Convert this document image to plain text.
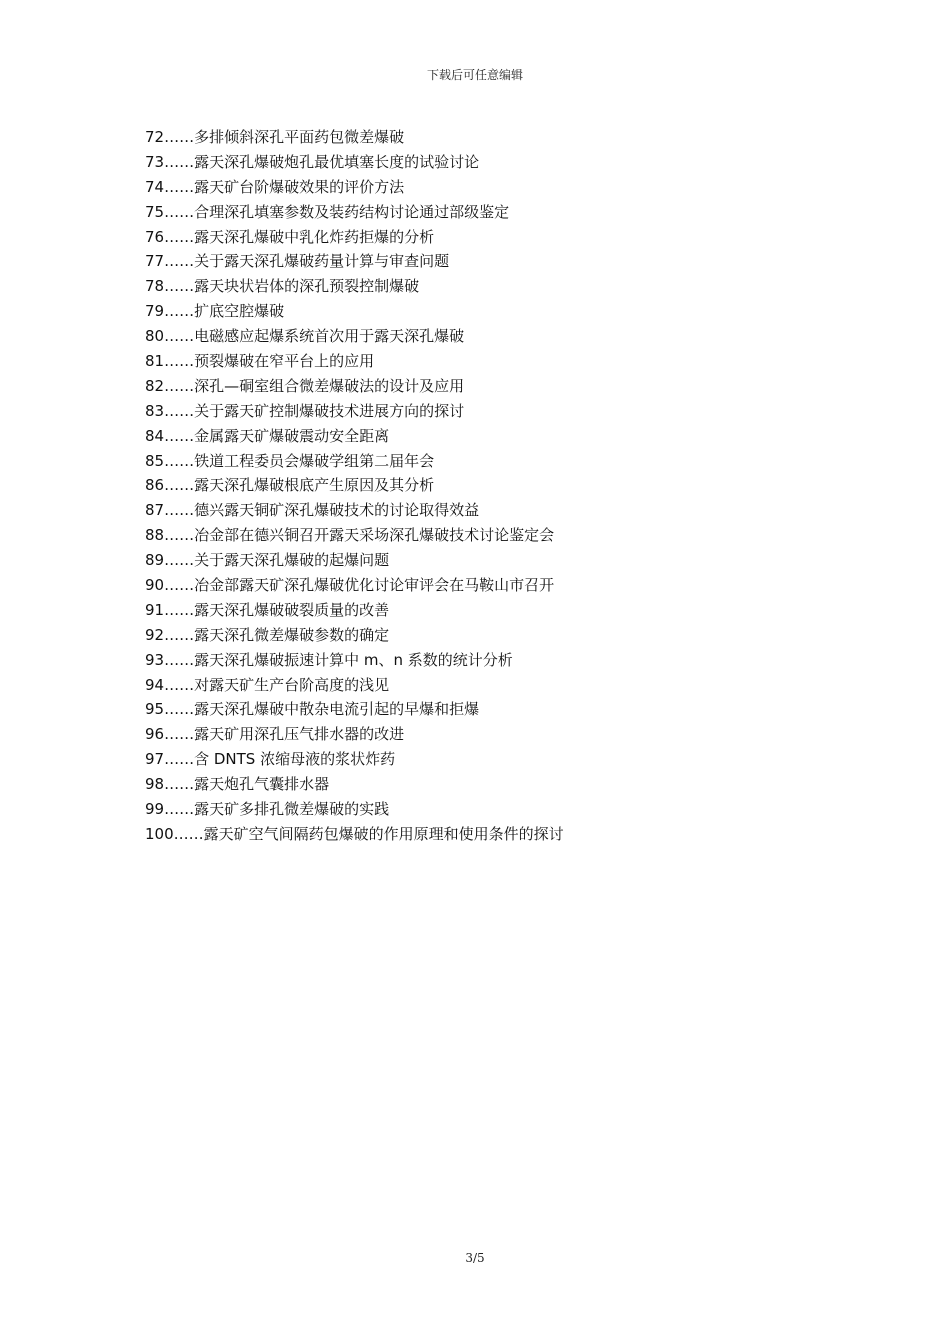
下载后可任意编辑
72……多排倾斜深孔平面药包微差爆破
73……露天深孔爆破炮孔最优填塞长度的试验讨论
74……露天矿台阶爆破效果的评价方法
75……合理深孔填塞参数及装药结构讨论通过部级鉴定
76……露天深孔爆破中乳化炸药拒爆的分析
77……关于露天深孔爆破药量计算与审查问题
78……露天块状岩体的深孔预裂控制爆破
79……扩底空腔爆破
80……电磁感应起爆系统首次用于露天深孔爆破
81……预裂爆破在窄平台上的应用
82……深孔—硐室组合微差爆破法的设计及应用
83……关于露天矿控制爆破技术进展方向的探讨
84……金属露天矿爆破震动安全距离
85……铁道工程委员会爆破学组第二届年会
86……露天深孔爆破根底产生原因及其分析
87……德兴露天铜矿深孔爆破技术的讨论取得效益
88……冶金部在德兴铜召开露天采场深孔爆破技术讨论鉴定会
89……关于露天深孔爆破的起爆问题
90……冶金部露天矿深孔爆破优化讨论审评会在马鞍山市召开
91……露天深孔爆破破裂质量的改善
92……露天深孔微差爆破参数的确定
93……露天深孔爆破振速计算中 m、n 系数的统计分析
94……对露天矿生产台阶高度的浅见
95……露天深孔爆破中散杂电流引起的早爆和拒爆
96……露天矿用深孔压气排水器的改进
97……含 DNTS 浓缩母液的浆状炸药
98……露天炮孔气囊排水器
99……露天矿多排孔微差爆破的实践
100……露天矿空气间隔药包爆破的作用原理和使用条件的探讨
3/5
